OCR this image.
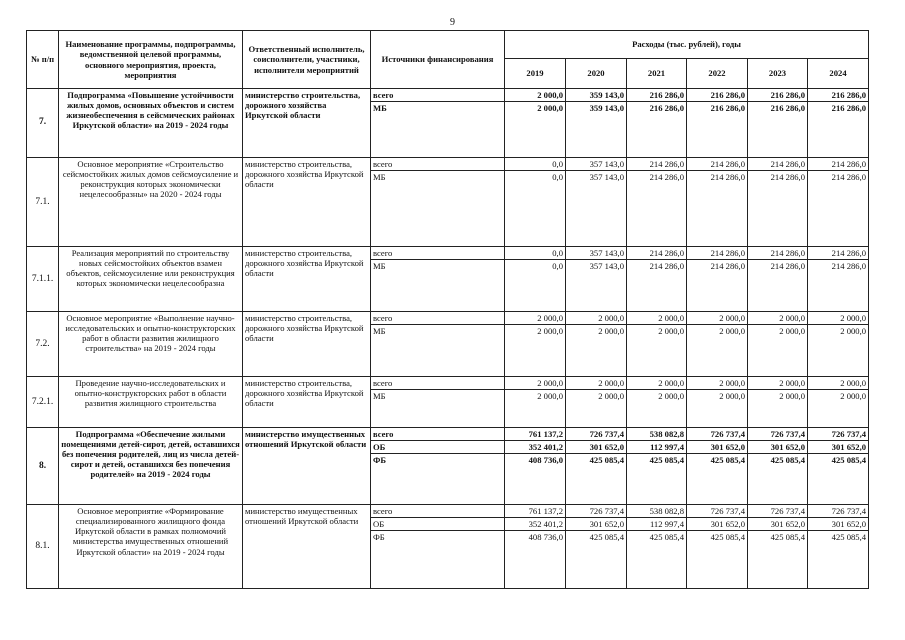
9
№ п/п	Наименование программы, подпрограммы, ведомственной целевой программы, основного мероприятия, проекта, мероприятия	Ответственный исполнитель, соисполнители, участники, исполнители мероприятий	Источники финансирования	Расходы (тыс. рублей), годы					
				2019	2020	2021	2022	2023	2024
7.	Подпрограмма «Повышение устойчивости жилых домов, основных объектов и систем жизнеобеспечения в сейсмических районах Иркутской области» на 2019 - 2024 годы	министерство строительства, дорожного хозяйства Иркутской области	всего	2 000,0	359 143,0	216 286,0	216 286,0	216 286,0	216 286,0
			МБ	2 000,0	359 143,0	216 286,0	216 286,0	216 286,0	216 286,0
7.1.	Основное мероприятие «Строительство сейсмостойких жилых домов сейсмоусиление и реконструкция которых экономически нецелесообразны» на 2020 - 2024 годы	министерство строительства, дорожного хозяйства Иркутской области	всего	0,0	357 143,0	214 286,0	214 286,0	214 286,0	214 286,0
			МБ	0,0	357 143,0	214 286,0	214 286,0	214 286,0	214 286,0
7.1.1.	Реализация мероприятий по строительству новых сейсмостойких объектов взамен объектов, сейсмоусиление или реконструкция которых экономически нецелесообразна	министерство строительства, дорожного хозяйства Иркутской области	всего	0,0	357 143,0	214 286,0	214 286,0	214 286,0	214 286,0
			МБ	0,0	357 143,0	214 286,0	214 286,0	214 286,0	214 286,0
7.2.	Основное мероприятие «Выполнение научно-исследовательских и опытно-конструкторских работ в области развития жилищного строительства» на 2019 - 2024 годы	министерство строительства, дорожного хозяйства Иркутской области	всего	2 000,0	2 000,0	2 000,0	2 000,0	2 000,0	2 000,0
			МБ	2 000,0	2 000,0	2 000,0	2 000,0	2 000,0	2 000,0
7.2.1.	Проведение научно-исследовательских и опытно-конструкторских работ в области развития жилищного строительства	министерство строительства, дорожного хозяйства Иркутской области	всего	2 000,0	2 000,0	2 000,0	2 000,0	2 000,0	2 000,0
			МБ	2 000,0	2 000,0	2 000,0	2 000,0	2 000,0	2 000,0
8.	Подпрограмма «Обеспечение жилыми помещениями детей-сирот, детей, оставшихся без попечения родителей, лиц из числа детей-сирот и детей, оставшихся без попечения родителей» на 2019 - 2024 годы	министерство имущественных отношений Иркутской области	всего	761 137,2	726 737,4	538 082,8	726 737,4	726 737,4	726 737,4
			ОБ	352 401,2	301 652,0	112 997,4	301 652,0	301 652,0	301 652,0
			ФБ	408 736,0	425 085,4	425 085,4	425 085,4	425 085,4	425 085,4
8.1.	Основное мероприятие «Формирование специализированного жилищного фонда Иркутской области в рамках полномочий министерства имущественных отношений Иркутской области» на 2019 - 2024 годы	министерство имущественных отношений Иркутской области	всего	761 137,2	726 737,4	538 082,8	726 737,4	726 737,4	726 737,4
			ОБ	352 401,2	301 652,0	112 997,4	301 652,0	301 652,0	301 652,0
			ФБ	408 736,0	425 085,4	425 085,4	425 085,4	425 085,4	425 085,4
